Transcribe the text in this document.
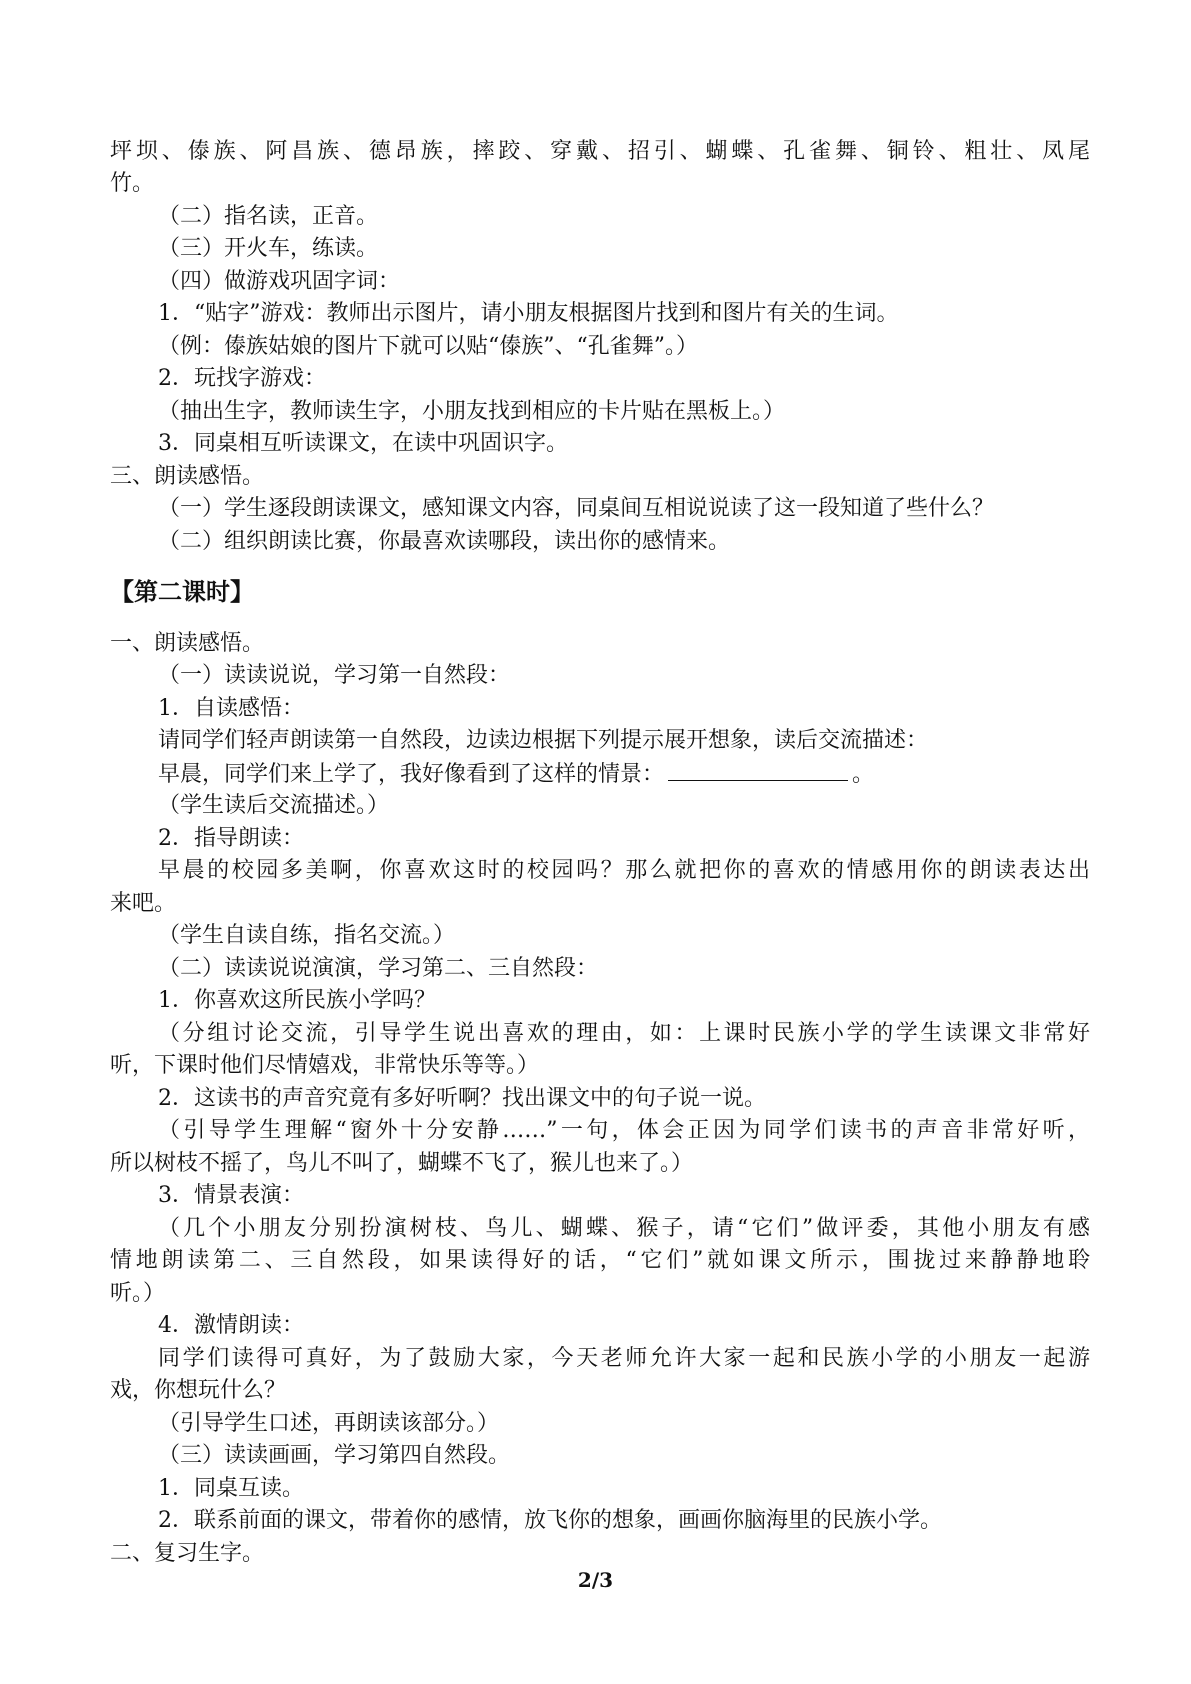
坪坝、傣族、阿昌族、德昂族，摔跤、穿戴、招引、蝴蝶、孔雀舞、铜铃、粗壮、凤尾

竹。

（二）指名读，正音。

（三）开火车，练读。

（四）做游戏巩固字词：

1．“贴字”游戏：教师出示图片，请小朋友根据图片找到和图片有关的生词。

（例：傣族姑娘的图片下就可以贴“傣族”、“孔雀舞”。）

2．玩找字游戏：

（抽出生字，教师读生字，小朋友找到相应的卡片贴在黑板上。）

3．同桌相互听读课文，在读中巩固识字。

三、朗读感悟。

（一）学生逐段朗读课文，感知课文内容，同桌间互相说说读了这一段知道了些什么？

（二）组织朗读比赛，你最喜欢读哪段，读出你的感情来。

【第二课时】

一、朗读感悟。

（一）读读说说，学习第一自然段：

1．自读感悟：

请同学们轻声朗读第一自然段，边读边根据下列提示展开想象，读后交流描述：

早晨，同学们来上学了，我好像看到了这样的情景：	。

（学生读后交流描述。）

2．指导朗读：

早晨的校园多美啊，你喜欢这时的校园吗？那么就把你的喜欢的情感用你的朗读表达出

来吧。

（学生自读自练，指名交流。）

（二）读读说说演演，学习第二、三自然段：

1．你喜欢这所民族小学吗？

（分组讨论交流，引导学生说出喜欢的理由，如：上课时民族小学的学生读课文非常好

听，下课时他们尽情嬉戏，非常快乐等等。）

2．这读书的声音究竟有多好听啊？找出课文中的句子说一说。

（引导学生理解“窗外十分安静……”一句，体会正因为同学们读书的声音非常好听，

所以树枝不摇了，鸟儿不叫了，蝴蝶不飞了，猴儿也来了。）

3．情景表演：

（几个小朋友分别扮演树枝、鸟儿、蝴蝶、猴子，请“它们”做评委，其他小朋友有感

情地朗读第二、三自然段，如果读得好的话，“它们”就如课文所示，围拢过来静静地聆

听。）

4．激情朗读：

同学们读得可真好，为了鼓励大家，今天老师允许大家一起和民族小学的小朋友一起游

戏，你想玩什么？

（引导学生口述，再朗读该部分。）

（三）读读画画，学习第四自然段。

1．同桌互读。

2．联系前面的课文，带着你的感情，放飞你的想象，画画你脑海里的民族小学。

二、复习生字。

2/3
